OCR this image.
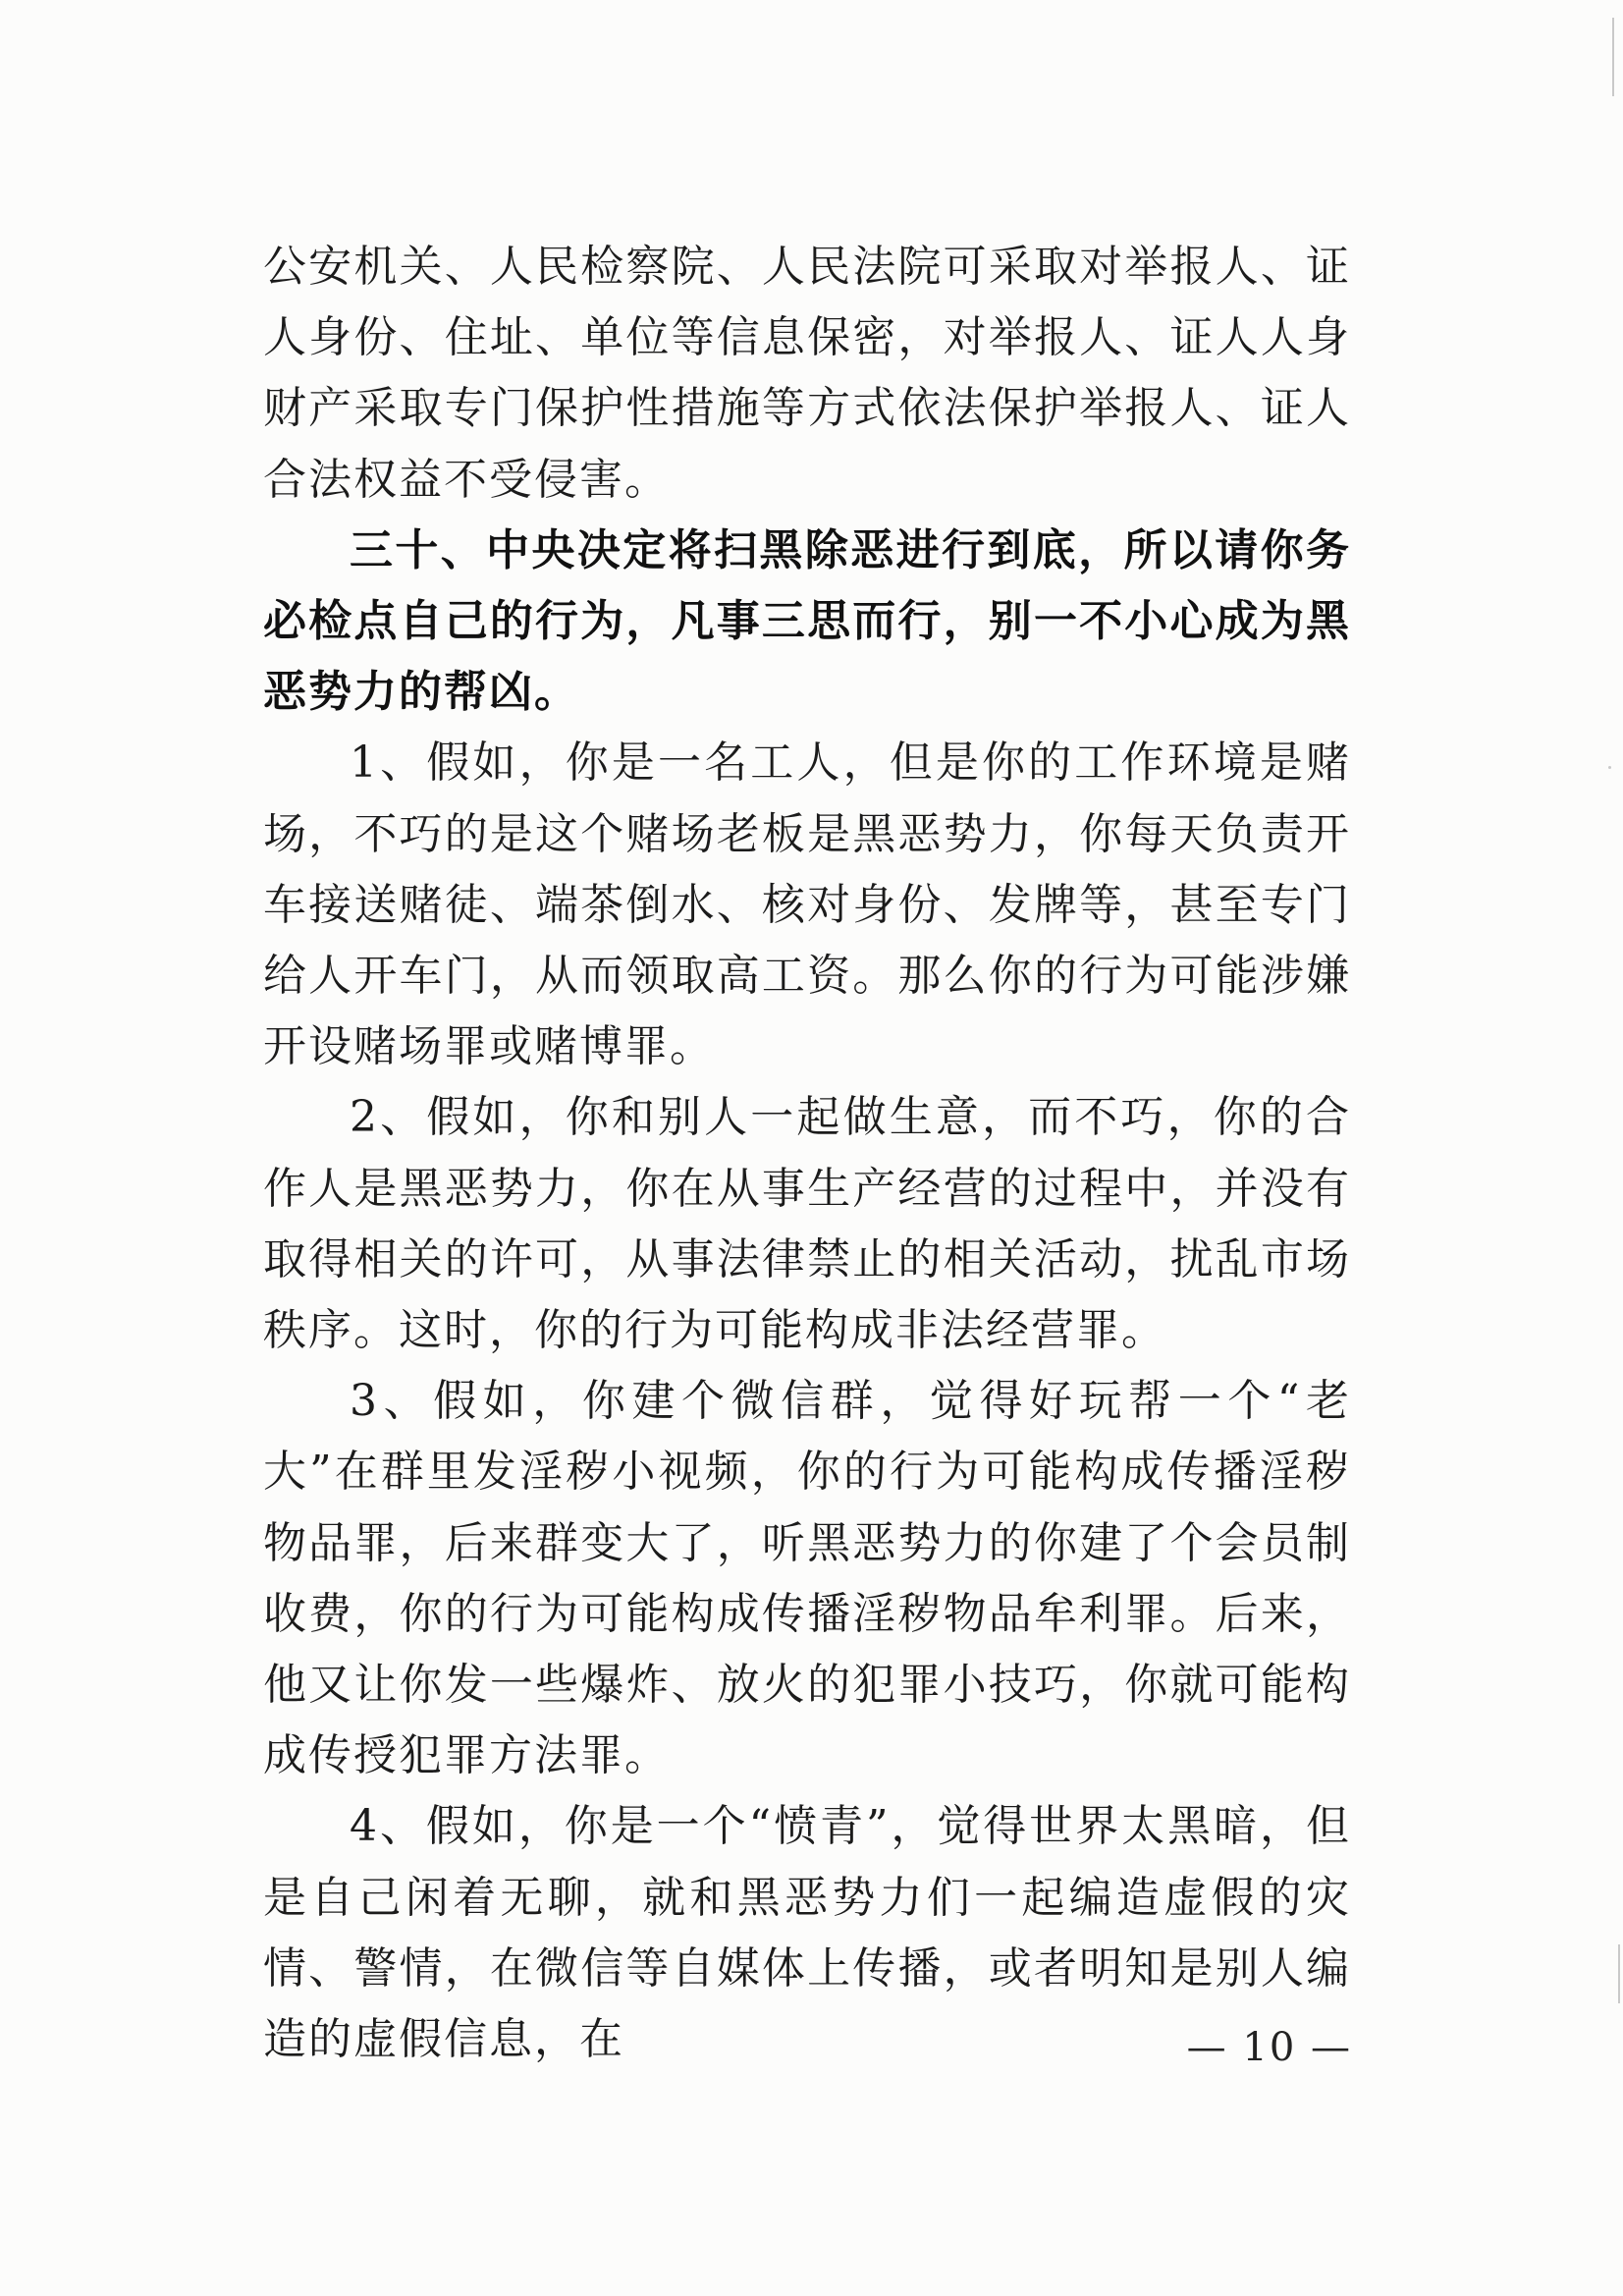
公安机关、人民检察院、人民法院可采取对举报人、证人身份、住址、单位等信息保密，对举报人、证人人身财产采取专门保护性措施等方式依法保护举报人、证人合法权益不受侵害。

三十、中央决定将扫黑除恶进行到底，所以请你务必检点自己的行为，凡事三思而行，别一不小心成为黑恶势力的帮凶。

1、假如，你是一名工人，但是你的工作环境是赌场，不巧的是这个赌场老板是黑恶势力，你每天负责开车接送赌徒、端茶倒水、核对身份、发牌等，甚至专门给人开车门，从而领取高工资。那么你的行为可能涉嫌开设赌场罪或赌博罪。

2、假如，你和别人一起做生意，而不巧，你的合作人是黑恶势力，你在从事生产经营的过程中，并没有取得相关的许可，从事法律禁止的相关活动，扰乱市场秩序。这时，你的行为可能构成非法经营罪。

3、假如，你建个微信群，觉得好玩帮一个“老大”在群里发淫秽小视频，你的行为可能构成传播淫秽物品罪，后来群变大了，听黑恶势力的你建了个会员制收费，你的行为可能构成传播淫秽物品牟利罪。后来，他又让你发一些爆炸、放火的犯罪小技巧，你就可能构成传授犯罪方法罪。

4、假如，你是一个“愤青”，觉得世界太黑暗，但是自己闲着无聊，就和黑恶势力们一起编造虚假的灾情、警情，在微信等自媒体上传播，或者明知是别人编造的虚假信息，在	— 10 —
